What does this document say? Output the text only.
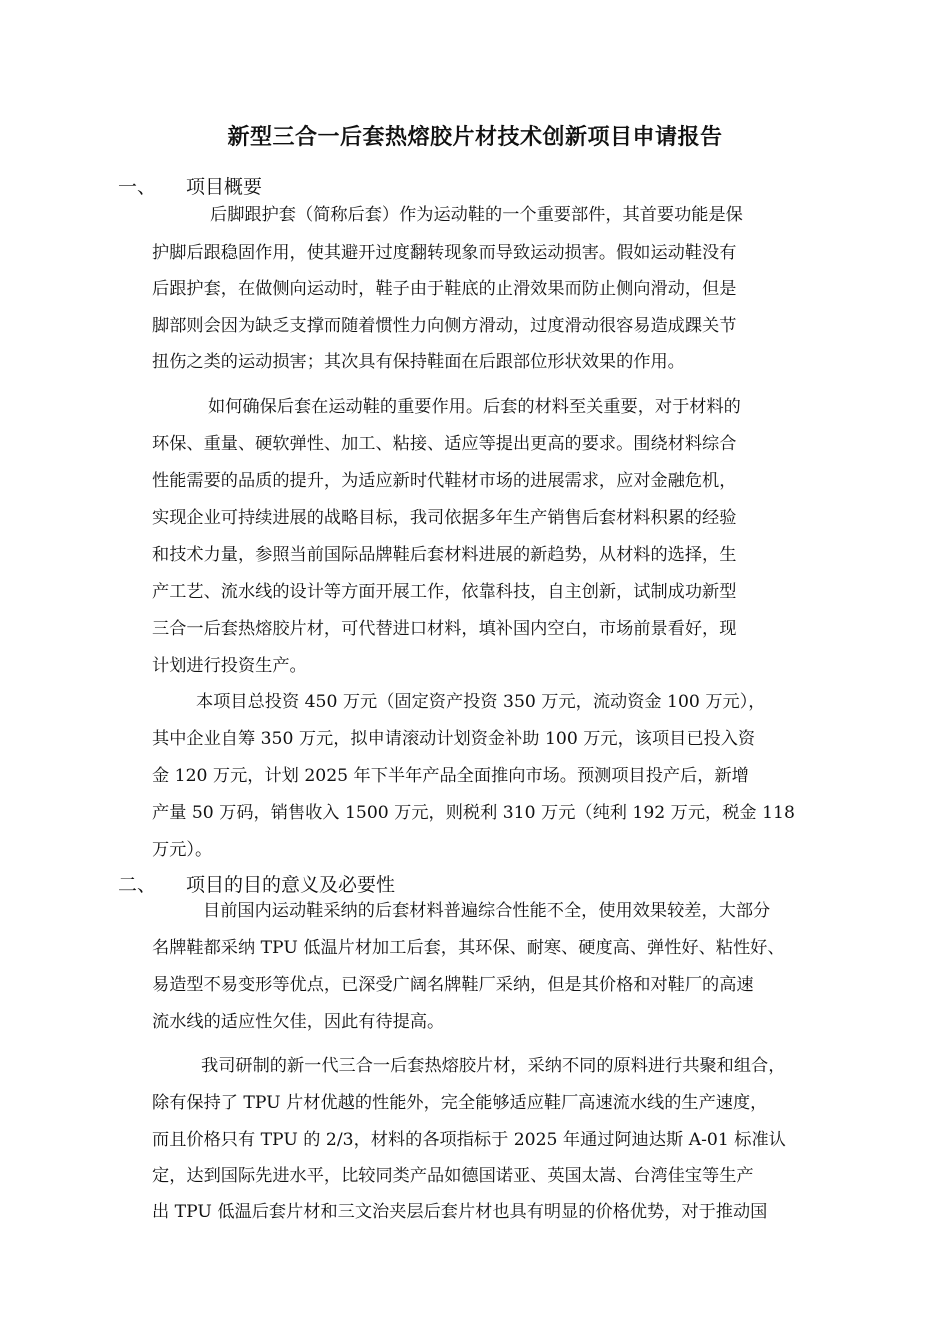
新型三合一后套热熔胶片材技术创新项目申请报告
一、 项目概要
后脚跟护套（简称后套）作为运动鞋的一个重要部件，其首要功能是保
护脚后跟稳固作用，使其避开过度翻转现象而导致运动损害。假如运动鞋没有
后跟护套，在做侧向运动时，鞋子由于鞋底的止滑效果而防止侧向滑动，但是
脚部则会因为缺乏支撑而随着惯性力向侧方滑动，过度滑动很容易造成踝关节
扭伤之类的运动损害；其次具有保持鞋面在后跟部位形状效果的作用。
如何确保后套在运动鞋的重要作用。后套的材料至关重要，对于材料的
环保、重量、硬软弹性、加工、粘接、适应等提出更高的要求。围绕材料综合
性能需要的品质的提升，为适应新时代鞋材市场的进展需求，应对金融危机，
实现企业可持续进展的战略目标，我司依据多年生产销售后套材料积累的经验
和技术力量，参照当前国际品牌鞋后套材料进展的新趋势，从材料的选择，生
产工艺、流水线的设计等方面开展工作，依靠科技，自主创新，试制成功新型
三合一后套热熔胶片材，可代替进口材料，填补国内空白，市场前景看好，现
计划进行投资生产。
本项目总投资 450 万元（固定资产投资 350 万元，流动资金 100 万元），
其中企业自筹 350 万元，拟申请滚动计划资金补助 100 万元，该项目已投入资
金 120 万元，计划 2025 年下半年产品全面推向市场。预测项目投产后，新增
产量 50 万码，销售收入 1500 万元，则税利 310 万元（纯利 192 万元，税金 118
万元）。
二、 项目的目的意义及必要性
目前国内运动鞋采纳的后套材料普遍综合性能不全，使用效果较差，大部分
名牌鞋都采纳 TPU 低温片材加工后套，其环保、耐寒、硬度高、弹性好、粘性好、
易造型不易变形等优点，已深受广阔名牌鞋厂采纳，但是其价格和对鞋厂的高速
流水线的适应性欠佳，因此有待提高。
我司研制的新一代三合一后套热熔胶片材，采纳不同的原料进行共聚和组合，
除有保持了 TPU 片材优越的性能外，完全能够适应鞋厂高速流水线的生产速度，
而且价格只有 TPU 的 2/3，材料的各项指标于 2025 年通过阿迪达斯 A-01 标准认
定，达到国际先进水平，比较同类产品如德国诺亚、英国太嵩、台湾佳宝等生产
出 TPU 低温后套片材和三文治夹层后套片材也具有明显的价格优势，对于推动国
